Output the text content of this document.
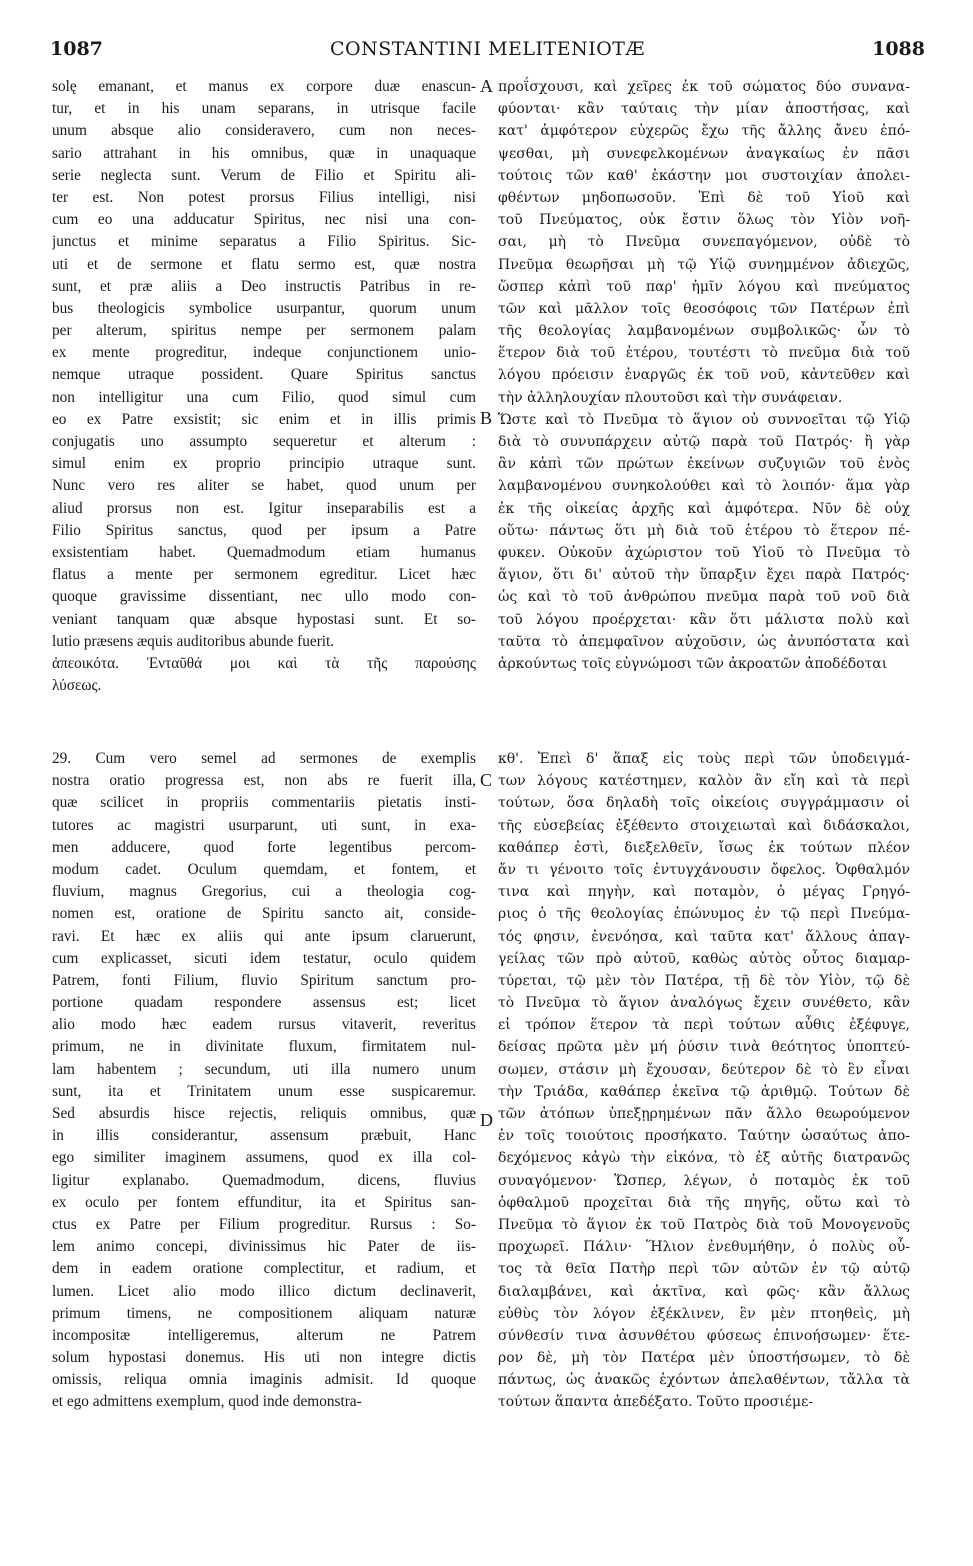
1087	CONSTANTINI MELITENIOTÆ	1088
solę emanant, et manus ex corpore duæ enascun-
tur, et in his unam separans, in utrisque facile
unum absque alio consideravero, cum non neces-
sario attrahant in his omnibus, quæ in unaquaque
serie neglecta sunt. Verum de Filio et Spiritu ali-
ter est. Non potest prorsus Filius intelligi, nisi
cum eo una adducatur Spiritus, nec nisi una con-
junctus et minime separatus a Filio Spiritus. Sic-
uti et de sermone et flatu sermo est, quæ nostra
sunt, et præ aliis a Deo instructis Patribus in re-
bus theologicis symbolice usurpantur, quorum unum
per alterum, spiritus nempe per sermonem palam
ex mente progreditur, indeque conjunctionem unio-
nemque utraque possident. Quare Spiritus sanctus
non intelligitur una cum Filio, quod simul cum
eo ex Patre exsistit; sic enim et in illis primis
conjugatis uno assumpto sequeretur et alterum :
simul enim ex proprio principio utraque sunt.
Nunc vero res aliter se habet, quod unum per
aliud prorsus non est. Igitur inseparabilis est a
Filio Spiritus sanctus, quod per ipsum a Patre
exsistentiam habet. Quemadmodum etiam humanus
flatus a mente per sermonem egreditur. Licet hæc
quoque gravissime dissentiant, nec ullo modo con-
veniant tanquam quæ absque hypostasi sunt. Et so-
lutio præsens æquis auditoribus abunde fuerit.
ἀπεοικότα. Ἐνταῦθά μοι καὶ τὰ τῆς παρούσης
λύσεως.
προΐσχουσι, καὶ χεῖρες ἐκ τοῦ σώματος δύο συνανα-
φύονται· κἂν ταύταις τὴν μίαν ἀποστήσας, καὶ
κατ' ἀμφότερον εὐχερῶς ἔχω τῆς ἄλλης ἄνευ ἐπό-
ψεσθαι, μὴ συνεφελκομένων ἀναγκαίως ἐν πᾶσι
τούτοις τῶν καθ' ἑκάστην μοι συστοιχίαν ἀπολει-
φθέντων μηδοπωσοῦν. Ἐπὶ δὲ τοῦ Υἱοῦ καὶ
τοῦ Πνεύματος, οὐκ ἔστιν ὅλως τὸν Υἱὸν νοῆ-
σαι, μὴ τὸ Πνεῦμα συνεπαγόμενον, οὐδὲ τὸ
Πνεῦμα θεωρῆσαι μὴ τῷ Υἱῷ συνημμένον ἀδιεχῶς,
ὥσπερ κἀπὶ τοῦ παρ' ἡμῖν λόγου καὶ πνεύματος
τῶν καὶ μᾶλλον τοῖς θεοσόφοις τῶν Πατέρων ἐπὶ
τῆς θεολογίας λαμβανομένων συμβολικῶς· ὧν τὸ
ἕτερον διὰ τοῦ ἑτέρου, τουτέστι τὸ πνεῦμα διὰ τοῦ
λόγου πρόεισιν ἐναργῶς ἐκ τοῦ νοῦ, κἀντεῦθεν καὶ
τὴν ἀλληλουχίαν πλουτοῦσι καὶ τὴν συνάφειαν.
Ὥστε καὶ τὸ Πνεῦμα τὸ ἅγιον οὐ συννοεῖται τῷ Υἱῷ
διὰ τὸ συνυπάρχειν αὐτῷ παρὰ τοῦ Πατρός· ἢ γὰρ
ἂν κἀπὶ τῶν πρώτων ἐκείνων συζυγιῶν τοῦ ἑνὸς
λαμβανομένου συνηκολούθει καὶ τὸ λοιπόν· ἅμα γὰρ
ἐκ τῆς οἰκείας ἀρχῆς καὶ ἀμφότερα. Νῦν δὲ οὐχ
οὕτω· πάντως ὅτι μὴ διὰ τοῦ ἑτέρου τὸ ἕτερον πέ-
φυκεν. Οὐκοῦν ἀχώριστον τοῦ Υἱοῦ τὸ Πνεῦμα τὸ
ἅγιον, ὅτι δι' αὐτοῦ τὴν ὕπαρξιν ἔχει παρὰ Πατρός·
ὡς καὶ τὸ τοῦ ἀνθρώπου πνεῦμα παρὰ τοῦ νοῦ διὰ
τοῦ λόγου προέρχεται· κἂν ὅτι μάλιστα πολὺ καὶ
ταῦτα τὸ ἀπεμφαῖνον αὐχοῦσιν, ὡς ἀνυπόστατα καὶ
ἀρκούντως τοῖς εὐγνώμοσι τῶν ἀκροατῶν ἀποδέδοται
29. Cum vero semel ad sermones de exemplis
nostra oratio progressa est, non abs re fuerit illa,
quæ scilicet in propriis commentariis pietatis insti-
tutores ac magistri usurparunt, uti sunt, in exa-
men adducere, quod forte legentibus percom-
modum cadet. Oculum quemdam, et fontem, et
fluvium, magnus Gregorius, cui a theologia cog-
nomen est, oratione de Spiritu sancto ait, conside-
ravi. Et hæc ex aliis qui ante ipsum claruerunt,
cum explicasset, sicuti idem testatur, oculo quidem
Patrem, fonti Filium, fluvio Spiritum sanctum pro-
portione quadam respondere assensus est; licet
alio modo hæc eadem rursus vitaverit, reveritus
primum, ne in divinitate fluxum, firmitatem nul-
lam habentem ; secundum, uti illa numero unum
sunt, ita et Trinitatem unum esse suspicaremur.
Sed absurdis hisce rejectis, reliquis omnibus, quæ
in illis considerantur, assensum præbuit, Hanc
ego similiter imaginem assumens, quod ex illa col-
ligitur explanabo. Quemadmodum, dicens, fluvius
ex oculo per fontem effunditur, ita et Spiritus san-
ctus ex Patre per Filium progreditur. Rursus : So-
lem animo concepi, divinissimus hic Pater de iis-
dem in eadem oratione complectitur, et radium, et
lumen. Licet alio modo illico dictum declinaverit,
primum timens, ne compositionem aliquam naturæ
incompositæ intelligeremus, alterum ne Patrem
solum hypostasi donemus. His uti non integre dictis
omissis, reliqua omnia imaginis admisit. Id quoque
et ego admittens exemplum, quod inde demonstra-
κθ'. Ἐπεὶ δ' ἅπαξ εἰς τοὺς περὶ τῶν ὑποδειγμά-
των λόγους κατέστημεν, καλὸν ἂν εἴη καὶ τὰ περὶ
τούτων, ὅσα δηλαδὴ τοῖς οἰκείοις συγγράμμασιν οἱ
τῆς εὐσεβείας ἐξέθεντο στοιχειωταὶ καὶ διδάσκαλοι,
καθάπερ ἐστὶ, διεξελθεῖν, ἴσως ἐκ τούτων πλέον
ἄν τι γένοιτο τοῖς ἐντυγχάνουσιν ὄφελος. Ὀφθαλμόν
τινα καὶ πηγὴν, καὶ ποταμὸν, ὁ μέγας Γρηγό-
ριος ὁ τῆς θεολογίας ἐπώνυμος ἐν τῷ περὶ Πνεύμα-
τός φησιν, ἐνενόησα, καὶ ταῦτα κατ' ἄλλους ἀπαγ-
γείλας τῶν πρὸ αὐτοῦ, καθὼς αὐτὸς οὗτος διαμαρ-
τύρεται, τῷ μὲν τὸν Πατέρα, τῇ δὲ τὸν Υἱὸν, τῷ δὲ
τὸ Πνεῦμα τὸ ἅγιον ἀναλόγως ἔχειν συνέθετο, κἂν
εἰ τρόπον ἕτερον τὰ περὶ τούτων αὖθις ἐξέφυγε,
δείσας πρῶτα μὲν μή ῥύσιν τινὰ θεότητος ὑποπτεύ-
σωμεν, στάσιν μὴ ἔχουσαν, δεύτερον δὲ τὸ ἓν εἶναι
τὴν Τριάδα, καθάπερ ἐκεῖνα τῷ ἀριθμῷ. Τούτων δὲ
τῶν ἀτόπων ὑπεξῃρημένων πᾶν ἄλλο θεωρούμενον
ἐν τοῖς τοιούτοις προσήκατο. Ταύτην ὡσαύτως ἀπο-
δεχόμενος κἀγὼ τὴν εἰκόνα, τὸ ἐξ αὐτῆς διατρανῶς
συναγόμενον· Ὥσπερ, λέγων, ὁ ποταμὸς ἐκ τοῦ
ὀφθαλμοῦ προχεῖται διὰ τῆς πηγῆς, οὕτω καὶ τὸ
Πνεῦμα τὸ ἅγιον ἐκ τοῦ Πατρὸς διὰ τοῦ Μονογενοῦς
προχωρεῖ. Πάλιν· Ἥλιον ἐνεθυμήθην, ὁ πολὺς οὗ-
τος τὰ θεῖα Πατὴρ περὶ τῶν αὐτῶν ἐν τῷ αὐτῷ
διαλαμβάνει, καὶ ἀκτῖνα, καὶ φῶς· κἂν ἄλλως
εὐθὺς τὸν λόγον ἐξέκλινεν, ἓν μὲν πτοηθεὶς, μὴ
σύνθεσίν τινα ἀσυνθέτου φύσεως ἐπινοήσωμεν· ἕτε-
ρον δὲ, μὴ τὸν Πατέρα μὲν ὑποστήσωμεν, τὸ δὲ
πάντως, ὡς ἀνακῶς ἐχόντων ἀπελαθέντων, τἄλλα τὰ
τούτων ἅπαντα ἀπεδέξατο. Τοῦτο προσιέμε-
A
B
C
D
